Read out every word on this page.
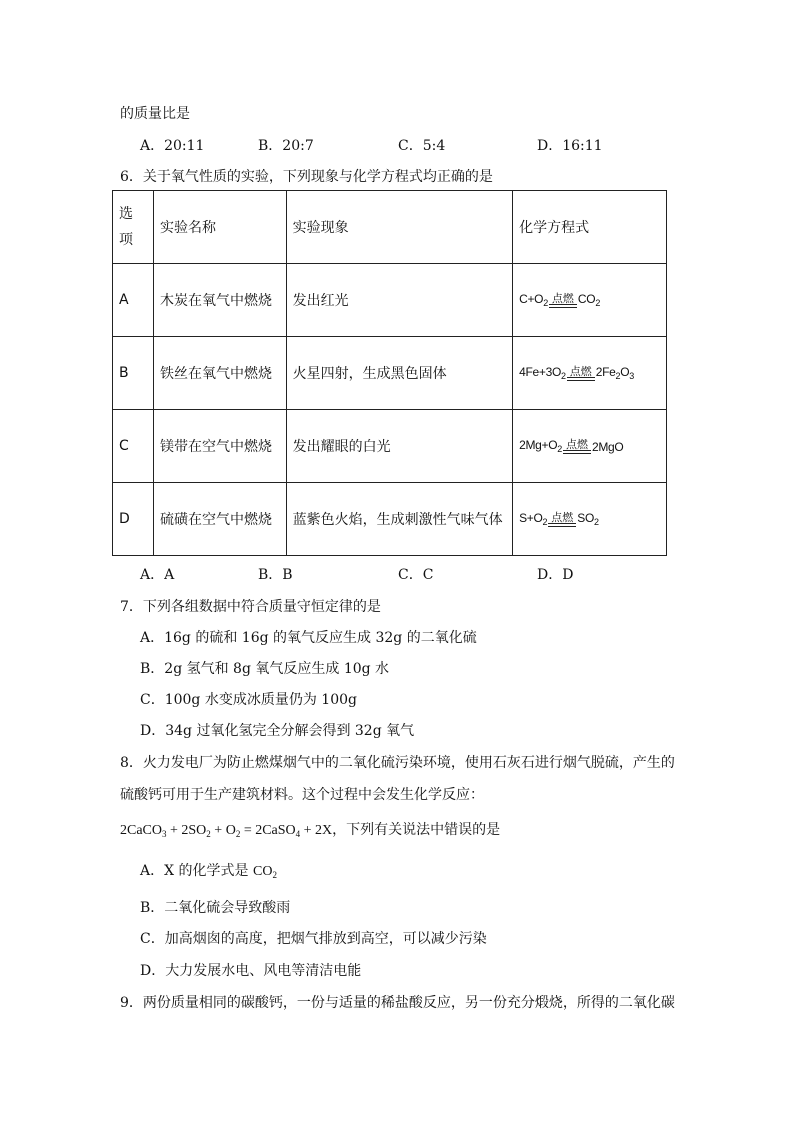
的质量比是
A．20:11	B．20:7	C．5:4	D．16:11
6．关于氧气性质的实验，下列现象与化学方程式均正确的是
选项	实验名称	实验现象	化学方程式
A	木炭在氧气中燃烧	发出红光	$C+O_2$ 点燃 $CO_2$

B	铁丝在氧气中燃烧	火星四射，生成黑色固体	$4Fe+3O_2$ 点燃 $2Fe_2O_3$

C	镁带在空气中燃烧	发出耀眼的白光	$2Mg+O_2$ 点燃 2MgO

D	硫磺在空气中燃烧	蓝紫色火焰，生成刺激性气味气体	$S+O_2$ 点燃 $SO_2$
A．A	B．B	C．C	D．D
7．下列各组数据中符合质量守恒定律的是
A．16g 的硫和 16g 的氧气反应生成 32g 的二氧化硫
B．2g 氢气和 8g 氧气反应生成 10g 水
C．100g 水变成冰质量仍为 100g
D．34g 过氧化氢完全分解会得到 32g 氧气
8．火力发电厂为防止燃煤烟气中的二氧化硫污染环境，使用石灰石进行烟气脱硫，产生的
硫酸钙可用于生产建筑材料。这个过程中会发生化学反应：
2CaCO$_3$ + $2SO_2 + O_2$ = 2CaSO$_4$ + 2X，下列有关说法中错误的是
A．X 的化学式是 $CO_2$
B．二氧化硫会导致酸雨
C．加高烟囱的高度，把烟气排放到高空，可以减少污染
D．大力发展水电、风电等清洁电能
9．两份质量相同的碳酸钙，一份与适量的稀盐酸反应，另一份充分煅烧，所得的二氧化碳
